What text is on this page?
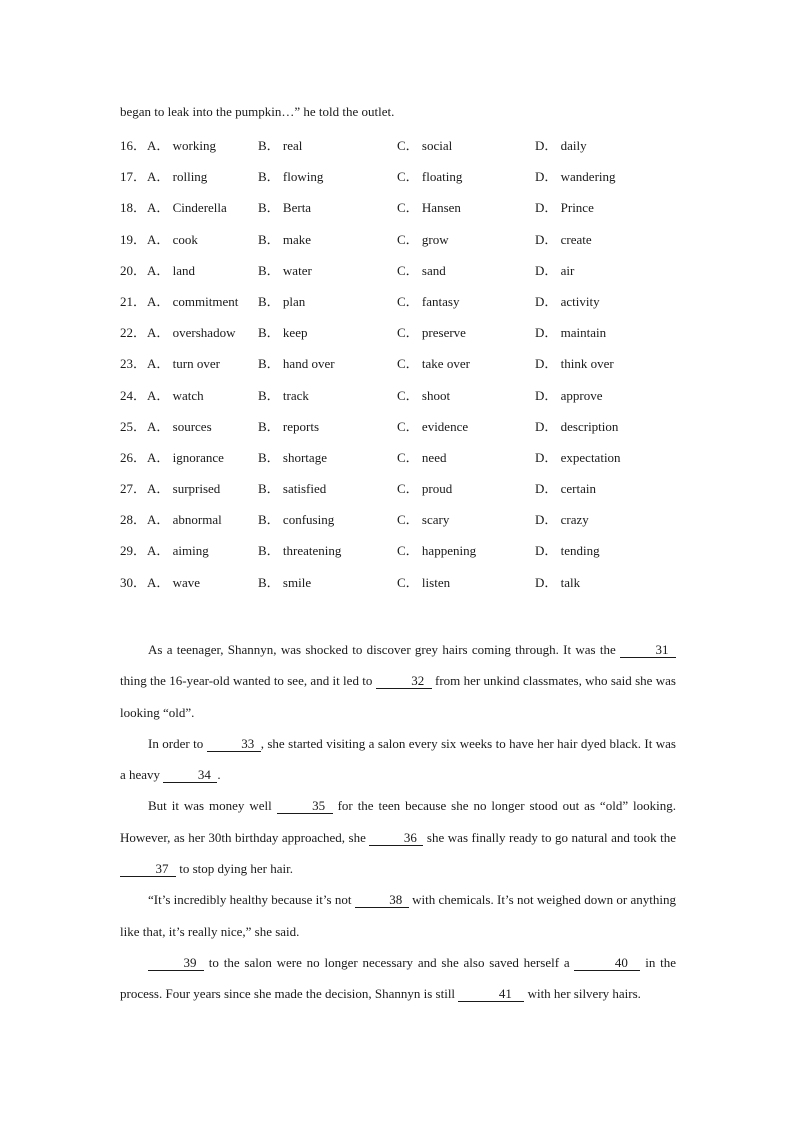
began to leak into the pumpkin…” he told the outlet.
16． A． working	B． real	C． social	D． daily
17． A． rolling	B． flowing	C． floating	D． wandering
18． A． Cinderella B． Berta	C． Hansen	D． Prince
19． A． cook	B． make	C． grow	D． create
20． A． land	B． water	C． sand	D． air
21． A． commitment B． plan	C． fantasy	D． activity
22． A． overshadow B． keep	C． preserve	D． maintain
23． A． turn over	B． hand over	C． take over	D． think over
24． A． watch	B． track	C． shoot	D． approve
25． A． sources	B． reports	C． evidence	D． description
26． A． ignorance	B． shortage	C． need	D． expectation
27． A． surprised	B． satisfied	C． proud	D． certain
28． A． abnormal	B． confusing	C． scary	D． crazy
29． A． aiming	B． threatening	C． happening	D． tending
30． A． wave	B． smile	C． listen	D． talk

As a teenager, Shannyn, was shocked to discover grey hairs coming through. It was the	31 thing the 16-year-old wanted to see, and it led to	32 from her unkind classmates, who said she was looking “old”.

In order to	33 , she started visiting a salon every six weeks to have her hair dyed black. It was a heavy	34 .

But it was money well	35 for the teen because she no longer stood out as “old” looking. However, as her 30th birthday approached, she	36 she was finally ready to go natural and took the 37 to stop dying her hair.

“It’s incredibly healthy because it’s not	38 with chemicals. It’s not weighed down or anything like that, it’s really nice,” she said.

39 to the salon were no longer necessary and she also saved herself a	40 in the process. Four years since she made the decision, Shannyn is still	41 with her silvery hairs.
